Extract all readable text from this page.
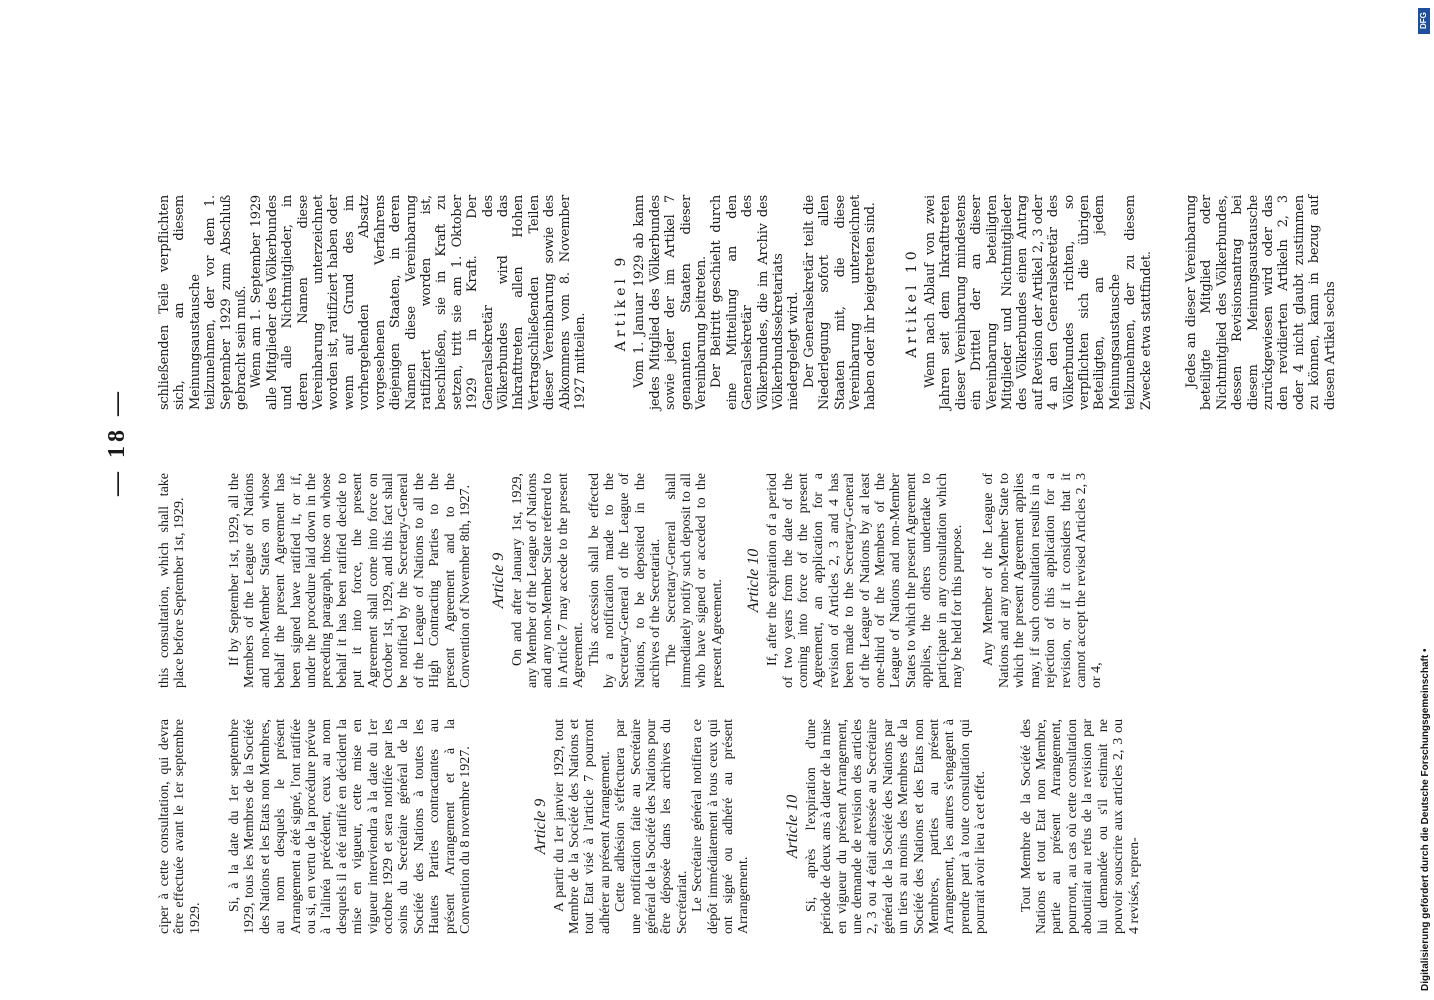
— 18 —

ciper à cette consultation, qui devra être effectuée avant le 1er septembre 1929.

Si, à la date du 1er septembre 1929, tous les Membres de la Société des Nations et les Etats non Membres, au nom desquels le présent Arrangement a été signé, l'ont ratifiée ou si, en vertu de la procédure prévue à l'alinéa précédent, ceux au nom desquels il a été ratifié en décident la mise en vigueur, cette mise en vigueur interviendra à la date du 1er octobre 1929 et sera notifiée par les soins du Secrétaire général de la Société des Nations à toutes les Hautes Parties contractantes au présent Arrangement et à la Convention du 8 novembre 1927.	Article 9 A partir du 1er janvier 1929, tout Membre de la Société des Nations et tout Etat visé à l'article 7 pourront adhérer au présent Arrangement. Cette adhésion s'effectuera par une notification faite au Secrétaire général de la Société des Nations pour être déposée dans les archives du Secrétariat. Le Secrétaire général notifiera ce dépôt immédiatement à tous ceux qui ont signé ou adhéré au présent Arrangement.

Article 10 Si, après l'expiration d'une période de deux ans à dater de la mise en vigueur du présent Arrangement, une demande de revision des articles 2, 3 ou 4 était adressée au Secrétaire général de la Société des Nations par un tiers au moins des Membres de la Société des Nations et des Etats non Membres, parties au présent Arrangement, les autres s'engagent à prendre part à toute consultation qui pourrait avoir lieu à cet effet. Tout Membre de la Société des Nations et tout Etat non Membre, partie au présent Arrangement, pourront, au cas où cette consultation aboutirait au refus de la revision par lui demandée ou s'il estimait ne pouvoir souscrire aux articles 2, 3 ou 4 revisés, repren-

this consultation, which shall take place before September 1st, 1929.	If by September 1st, 1929, all the Members of the League of Nations and non-Member States on whose behalf the present Agreement has been signed have ratified it, or if, under the procedure laid down in the preceding paragraph, those on whose behalf it has been ratified decide to put it into force, the present Agreement shall come into force on October 1st, 1929, and this fact shall be notified by the Secretary-General of the League of Nations to all the High Contracting Parties to the present Agreement and to the Convention of November 8th, 1927. Article 9 On and after January 1st, 1929, any Member of the League of Nations and any non-Member State referred to in Article 7 may accede to the present Agreement. This accession shall be effected by a notification made to the Secretary-General of the League of Nations, to be deposited in the archives of the Secretariat. The Secretary-General shall immediately notify such deposit to all who have signed or acceded to the present Agreement. Article 10 If, after the expiration of a period of two years from the date of the coming into force of the present Agreement, an application for a revision of Articles 2, 3 and 4 has been made to the Secretary-General of the League of Nations by at least one-third of the Members of the League of Nations and non-Member States to which the present Agreement applies, the others undertake to participate in any consultation which may be held for this purpose. Any Member of the League of Nations and any non-Member State to which the present Agreement applies may, if such consultation results in a rejection of this application for a revision, or if it considers that it cannot accept the revised Articles 2, 3 or 4,

schließenden Teile verpflichten sich, an diesem Meinungsaustausche teilzunehmen, der vor dem 1. September 1929 zum Abschluß gebracht sein muß. Wenn am 1. September 1929 alle Mitglieder des Völkerbundes und alle Nichtmitglieder, in deren Namen diese Vereinbarung unterzeichnet worden ist, ratifiziert haben oder wenn auf Grund des im vorhergehenden Absatz vorgesehenen Verfahrens diejenigen Staaten, in deren Namen diese Vereinbarung ratifiziert worden ist, beschließen, sie in Kraft zu setzen, tritt sie am 1. Oktober 1929 in Kraft. Der Generalsekretär des Völkerbundes wird das Inkrafttreten allen Hohen Vertragschließenden Teilen dieser Vereinbarung sowie des Abkommens vom 8. November 1927 mitteilen.

Artikel 9 Vom 1. Januar 1929 ab kann jedes Mitglied des Völkerbundes sowie jeder der im Artikel 7 genannten Staaten dieser Vereinbarung beitreten. Der Beitritt geschieht durch eine Mitteilung an den Generalsekretär des Völkerbundes, die im Archiv des Völkerbundssekretariats niedergelegt wird. Der Generalsekretär teilt die Niederlegung sofort allen Staaten mit, die diese Vereinbarung unterzeichnet haben oder ihr beigetreten sind. Artikel 10 Wenn nach Ablauf von zwei Jahren seit dem Inkrafttreten dieser Vereinbarung mindestens ein Drittel der an dieser Vereinbarung beteiligten Mitglieder und Nichtmitglieder des Völkerbundes einen Antrag auf Revision der Artikel 2, 3 oder 4 an den Generalsekretär des Völkerbundes richten, so verpflichten sich die übrigen Beteiligten, an jedem Meinungsaustausche teilzunehmen, der zu diesem Zwecke etwa stattfindet. Jedes an dieser Vereinbarung beteiligte Mitglied oder Nichtmitglied des Völkerbundes, dessen Revisionsantrag bei diesem Meinungsaustausche zurückgewiesen wird oder das den revidierten Artikeln 2, 3 oder 4 nicht glaubt zustimmen zu können, kann in bezug auf diesen Artikel sechs

Digitalisierung gefördert durch die Deutsche Forschungsgemeinschaft •
DFG
